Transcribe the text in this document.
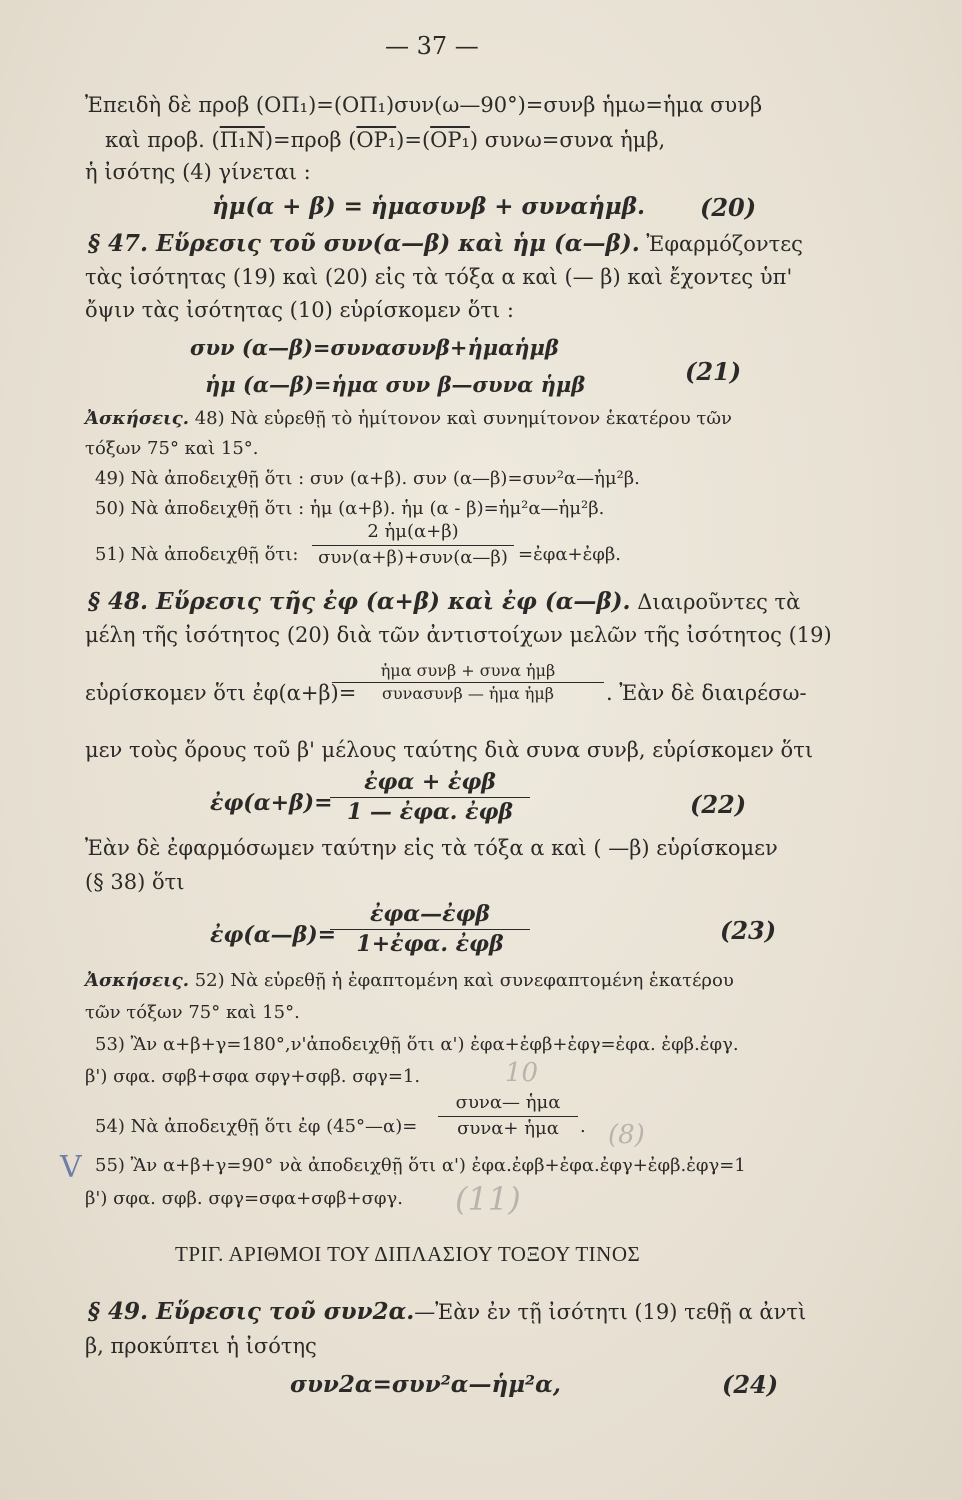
— 37 —
Ἐπειδὴ δὲ προβ (ΟΠ₁)=(ΟΠ₁)συν(ω—90°)=συνβ ἡμω=ἡμα συνβ
καὶ προβ. (Π₁Ν)=προβ (ΟΡ₁)=(ΟΡ₁) συνω=συνα ἡμβ,
ἡ ἰσότης (4) γίνεται :
ἡμ(α + β) = ἡμασυνβ + συναἡμβ. (20)
§ 47. Εὕρεσις τοῦ συν(α—β) καὶ ἡμ (α—β). Ἐφαρμόζοντες
τὰς ἰσότητας (19) καὶ (20) εἰς τὰ τόξα α καὶ (— β) καὶ ἔχοντες ὑπ'
ὄψιν τὰς ἰσότητας (10) εὑρίσκομεν ὅτι :
συν (α—β)=συνασυνβ+ἡμαἡμβ
ἡμ (α—β)=ἡμα συν β—συνα ἡμβ	(21)
Ἀσκήσεις. 48) Νὰ εὑρεθῇ τὸ ἡμίτονον καὶ συνημίτονον ἑκατέρου τῶν
τόξων 75° καὶ 15°.
49) Νὰ ἀποδειχθῇ ὅτι : συν (α+β). συν (α—β)=συν²α—ἡμ²β.
50) Νὰ ἀποδειχθῇ ὅτι : ἡμ (α+β). ἡμ (α - β)=ἡμ²α—ἡμ²β.
51) Νὰ ἀποδειχθῇ ὅτι:
2 ἡμ(α+β)
συν(α+β)+συν(α—β) =ἐφα+ἐφβ.
§ 48. Εὕρεσις τῆς ἐφ (α+β) καὶ ἐφ (α—β). Διαιροῦντες τὰ
μέλη τῆς ἰσότητος (20) διὰ τῶν ἀντιστοίχων μελῶν τῆς ἰσότητος (19)
εὑρίσκομεν ὅτι ἐφ(α+β)=
ἡμα συνβ + συνα ἡμβ
συνασυνβ — ἡμα ἡμβ	. Ἐὰν δὲ διαιρέσω-
μεν τοὺς ὅρους τοῦ β' μέλους ταύτης διὰ συνα συνβ, εὑρίσκομεν ὅτι
ἐφ(α+β)=
ἐφα + ἐφβ
1 — ἐφα. ἐφβ	(22)
Ἐὰν δὲ ἐφαρμόσωμεν ταύτην εἰς τὰ τόξα α καὶ ( —β) εὑρίσκομεν
(§ 38) ὅτι
ἐφ(α—β)=
ἐφα—ἐφβ
1+ἐφα. ἐφβ	(23)
Ἀσκήσεις. 52) Νὰ εὑρεθῇ ἡ ἐφαπτομένη καὶ συνεφαπτομένη ἑκατέρου
τῶν τόξων 75° καὶ 15°.
53) Ἂν α+β+γ=180°,ν'ἀποδειχθῇ ὅτι α') ἐφα+ἐφβ+ἐφγ=ἐφα. ἐφβ.ἐφγ.
β') σφα. σφβ+σφα σφγ+σφβ. σφγ=1.
54) Νὰ ἀποδειχθῇ ὅτι ἐφ (45°—α)=
συνα— ἡμα
συνα+ ἡμα	.
55) Ἂν α+β+γ=90° νὰ ἀποδειχθῇ ὅτι α') ἐφα.ἐφβ+ἐφα.ἐφγ+ἐφβ.ἐφγ=1
β') σφα. σφβ. σφγ=σφα+σφβ+σφγ.
ΤΡΙΓ. ΑΡΙΘΜΟΙ ΤΟΥ ΔΙΠΛΑΣΙΟΥ ΤΟΞΟΥ ΤΙΝΟΣ
§ 49. Εὕρεσις τοῦ συν2α.—Ἐὰν ἐν τῇ ἰσότητι (19) τεθῇ α ἀντὶ
β, προκύπτει ἡ ἰσότης
συν2α=συν²α—ἡμ²α,	(24)
V
10
(8)
(11)
